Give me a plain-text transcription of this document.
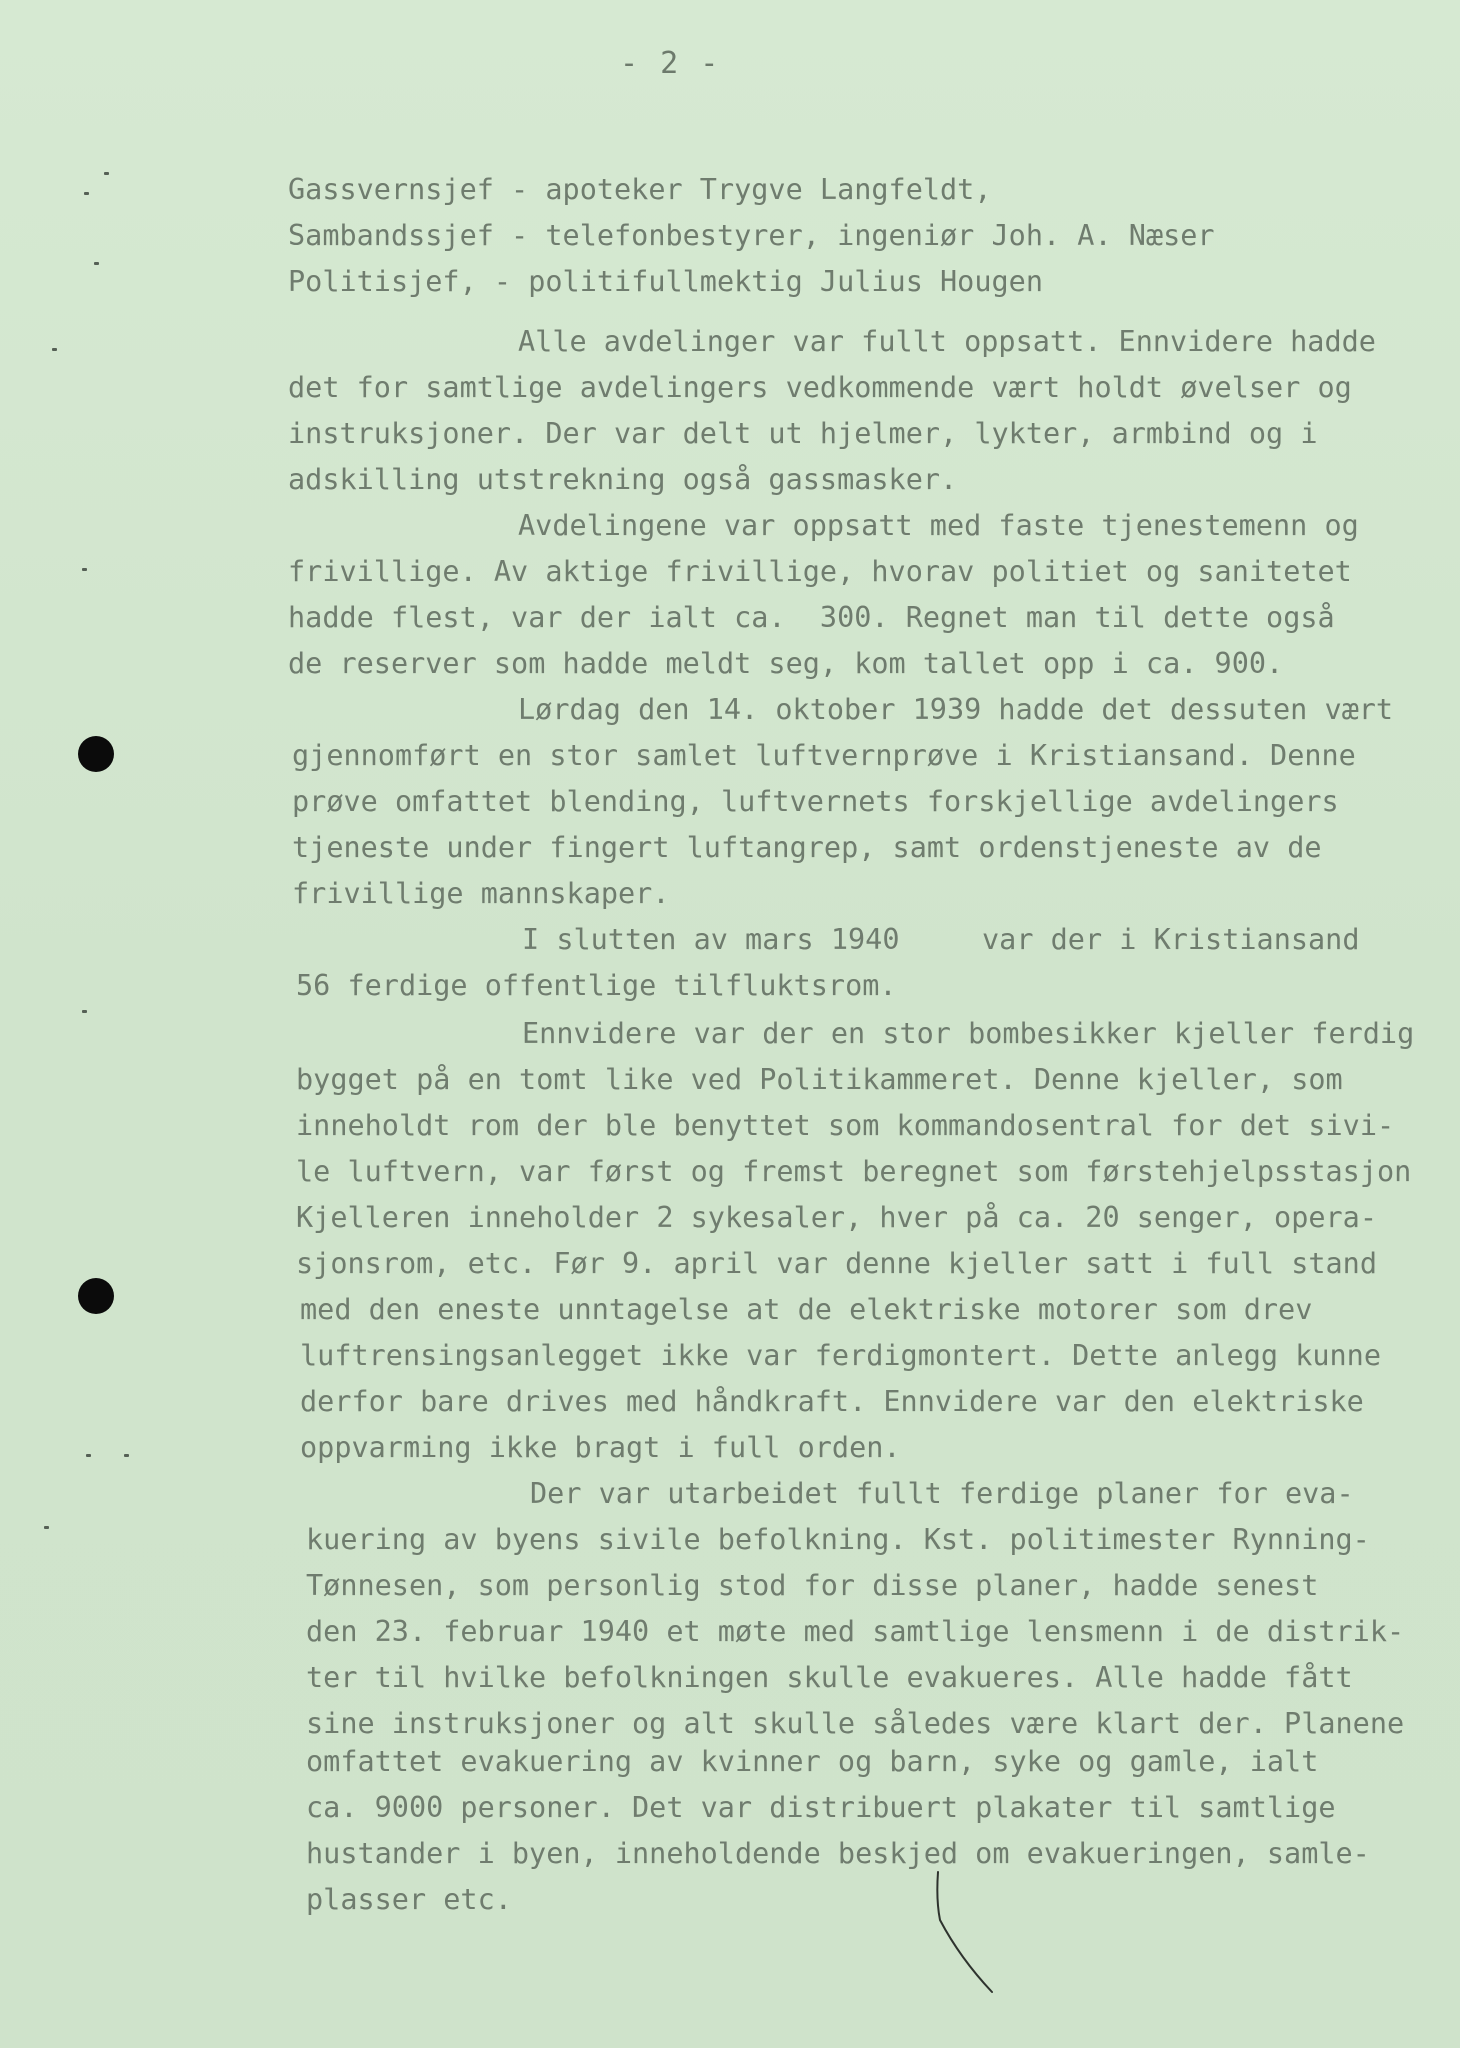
- 2 -
Gassvernsjef - apoteker Trygve Langfeldt,
Sambandssjef - telefonbestyrer, ingeniør Joh. A. Næser
Politisjef, - politifullmektig Julius Hougen
Alle avdelinger var fullt oppsatt. Ennvidere hadde
det for samtlige avdelingers vedkommende vært holdt øvelser og
instruksjoner. Der var delt ut hjelmer, lykter, armbind og i
adskilling utstrekning også gassmasker.
Avdelingene var oppsatt med faste tjenestemenn og
frivillige. Av aktige frivillige, hvorav politiet og sanitetet
hadde flest, var der ialt ca.  300. Regnet man til dette også
de reserver som hadde meldt seg, kom tallet opp i ca. 900.
Lørdag den 14. oktober 1939 hadde det dessuten vært
gjennomført en stor samlet luftvernprøve i Kristiansand. Denne
prøve omfattet blending, luftvernets forskjellige avdelingers
tjeneste under fingert luftangrep, samt ordenstjeneste av de
frivillige mannskaper.
I slutten av mars 1940	var der i Kristiansand
56 ferdige offentlige tilfluktsrom.
Ennvidere var der en stor bombesikker kjeller ferdig
bygget på en tomt like ved Politikammeret. Denne kjeller, som
inneholdt rom der ble benyttet som kommandosentral for det sivi-
le luftvern, var først og fremst beregnet som førstehjelpsstasjon
Kjelleren inneholder 2 sykesaler, hver på ca. 20 senger, opera-
sjonsrom, etc. Før 9. april var denne kjeller satt i full stand
med den eneste unntagelse at de elektriske motorer som drev
luftrensingsanlegget ikke var ferdigmontert. Dette anlegg kunne
derfor bare drives med håndkraft. Ennvidere var den elektriske
oppvarming ikke bragt i full orden.
Der var utarbeidet fullt ferdige planer for eva-
kuering av byens sivile befolkning. Kst. politimester Rynning-
Tønnesen, som personlig stod for disse planer, hadde senest
den 23. februar 1940 et møte med samtlige lensmenn i de distrik-
ter til hvilke befolkningen skulle evakueres. Alle hadde fått
sine instruksjoner og alt skulle således være klart der. Planene
omfattet evakuering av kvinner og barn, syke og gamle, ialt
ca. 9000 personer. Det var distribuert plakater til samtlige
hustander i byen, inneholdende beskjed om evakueringen, samle-
plasser etc.
